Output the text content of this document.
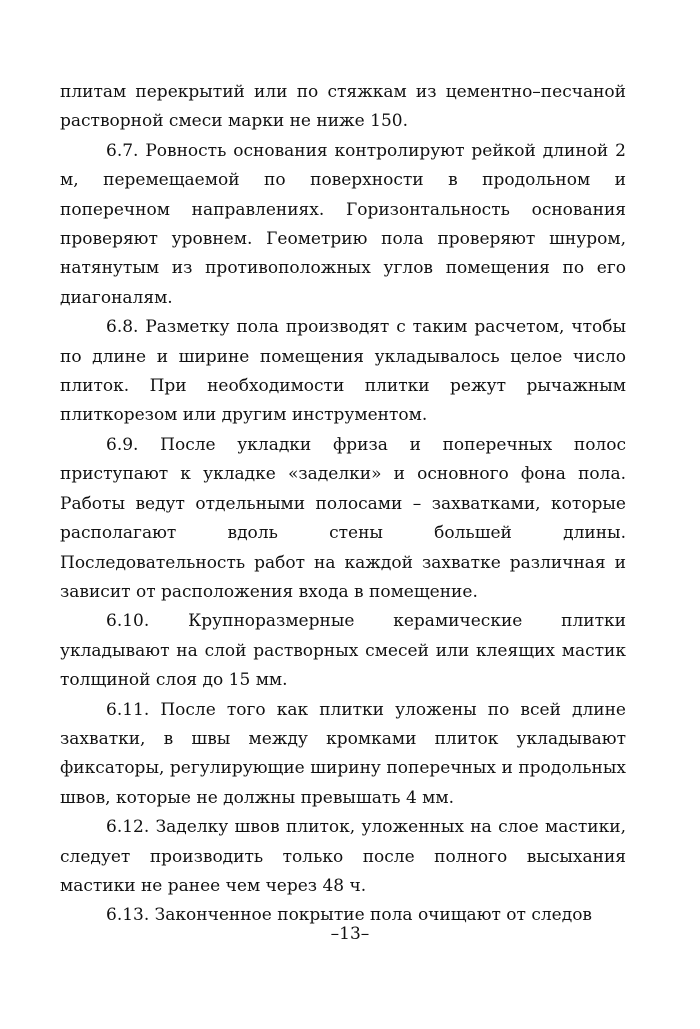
плитам перекрытий или по стяжкам из цементно–песчаной растворной смеси марки не ниже 150.

6.7. Ровность основания контролируют рейкой длиной 2 м, перемещаемой по поверхности в продольном и поперечном направлениях. Горизонтальность основания проверяют уровнем. Геометрию пола проверяют шнуром, натянутым из противоположных углов помещения по его диагоналям.

6.8. Разметку пола производят с таким расчетом, чтобы по длине и ширине помещения укладывалось целое число плиток. При необходимости плитки режут рычажным плиткорезом или другим инструментом.

6.9. После укладки фриза и поперечных полос приступают к укладке «заделки» и основного фона пола. Работы ведут отдельными полосами – захватками, которые располагают вдоль стены большей длины. Последовательность работ на каждой захватке различная и зависит от расположения входа в помещение.

6.10. Крупноразмерные керамические плитки укладывают на слой растворных смесей или клеящих мастик толщиной слоя до 15 мм.

6.11. После того как плитки уложены по всей длине захватки, в швы между кромками плиток укладывают фиксаторы, регулирующие ширину поперечных и продольных швов, которые не должны превышать 4 мм.

6.12. Заделку швов плиток, уложенных на слое мастики, следует производить только после полного высыхания мастики не ранее чем через 48 ч.

6.13. Законченное покрытие пола очищают от следов

–13–
